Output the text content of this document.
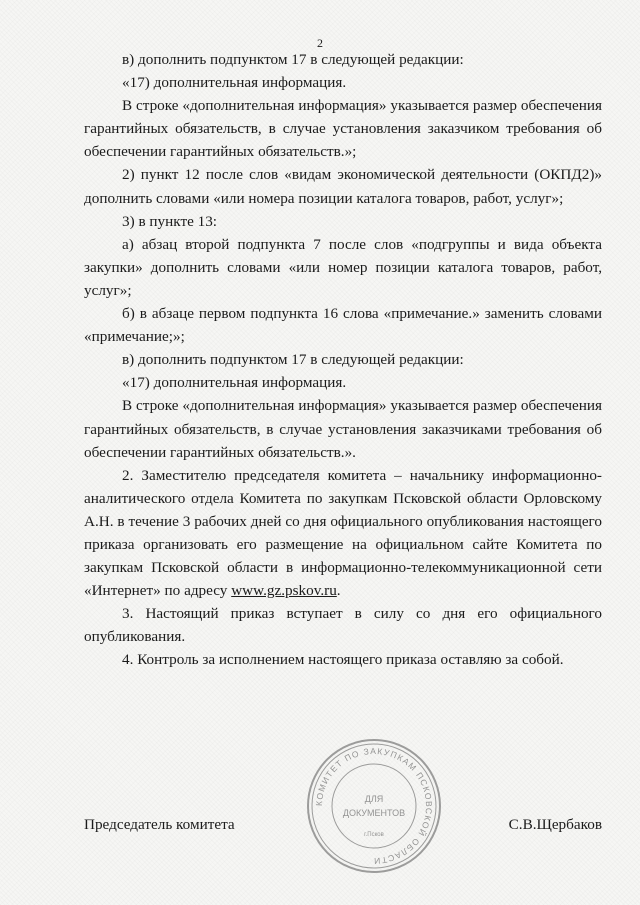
2

в) дополнить подпунктом 17 в следующей редакции:

«17) дополнительная информация.

В строке «дополнительная информация» указывается размер обеспечения гарантийных обязательств, в случае установления заказчиком требования об обеспечении гарантийных обязательств.»;

2) пункт 12 после слов «видам экономической деятельности (ОКПД2)» дополнить словами «или номера позиции каталога товаров, работ, услуг»;

3) в пункте 13:

а) абзац второй подпункта 7 после слов «подгруппы и вида объекта закупки» дополнить словами «или номер позиции каталога товаров, работ, услуг»;

б) в абзаце первом подпункта 16 слова «примечание.» заменить словами «примечание;»;

в) дополнить подпунктом 17 в следующей редакции:

«17) дополнительная информация.

В строке «дополнительная информация» указывается размер обеспечения гарантийных обязательств, в случае установления заказчиками требования об обеспечении гарантийных обязательств.».

2. Заместителю председателя комитета – начальнику информационно-аналитического отдела Комитета по закупкам Псковской области Орловскому А.Н. в течение 3 рабочих дней со дня официального опубликования настоящего приказа организовать его размещение на официальном сайте Комитета по закупкам Псковской области в информационно-телекоммуникационной сети «Интернет» по адресу www.gz.pskov.ru.

3. Настоящий приказ вступает в силу со дня его официального опубликования.

4. Контроль за исполнением настоящего приказа оставляю за собой.

КОМИТЕТ ПО ЗАКУПКАМ ПСКОВСКОЙ ОБЛАСТИ
ДЛЯ
ДОКУМЕНТОВ
г.Псков
Председатель комитета	С.В.Щербаков
